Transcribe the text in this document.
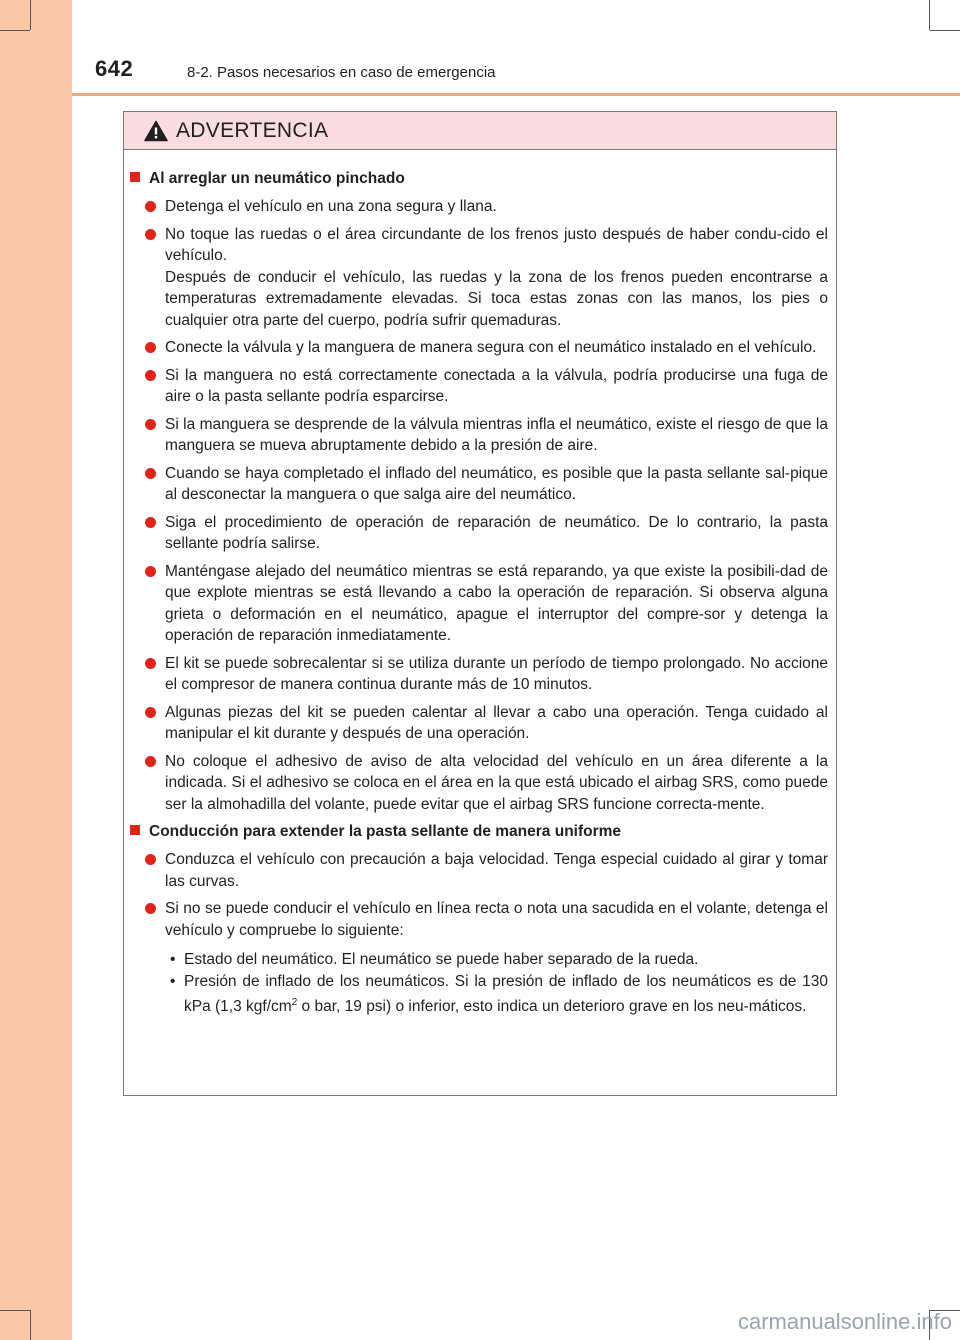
642	8-2. Pasos necesarios en caso de emergencia
ADVERTENCIA
Al arreglar un neumático pinchado
Detenga el vehículo en una zona segura y llana.
No toque las ruedas o el área circundante de los frenos justo después de haber condu-cido el vehículo.
Después de conducir el vehículo, las ruedas y la zona de los frenos pueden encontrarse a temperaturas extremadamente elevadas. Si toca estas zonas con las manos, los pies o cualquier otra parte del cuerpo, podría sufrir quemaduras.
Conecte la válvula y la manguera de manera segura con el neumático instalado en el vehículo.
Si la manguera no está correctamente conectada a la válvula, podría producirse una fuga de aire o la pasta sellante podría esparcirse.
Si la manguera se desprende de la válvula mientras infla el neumático, existe el riesgo de que la manguera se mueva abruptamente debido a la presión de aire.
Cuando se haya completado el inflado del neumático, es posible que la pasta sellante sal-pique al desconectar la manguera o que salga aire del neumático.
Siga el procedimiento de operación de reparación de neumático. De lo contrario, la pasta sellante podría salirse.
Manténgase alejado del neumático mientras se está reparando, ya que existe la posibili-dad de que explote mientras se está llevando a cabo la operación de reparación. Si observa alguna grieta o deformación en el neumático, apague el interruptor del compre-sor y detenga la operación de reparación inmediatamente.
El kit se puede sobrecalentar si se utiliza durante un período de tiempo prolongado. No accione el compresor de manera continua durante más de 10 minutos.
Algunas piezas del kit se pueden calentar al llevar a cabo una operación. Tenga cuidado al manipular el kit durante y después de una operación.
No coloque el adhesivo de aviso de alta velocidad del vehículo en un área diferente a la indicada. Si el adhesivo se coloca en el área en la que está ubicado el airbag SRS, como puede ser la almohadilla del volante, puede evitar que el airbag SRS funcione correcta-mente.
Conducción para extender la pasta sellante de manera uniforme
Conduzca el vehículo con precaución a baja velocidad. Tenga especial cuidado al girar y tomar las curvas.
Si no se puede conducir el vehículo en línea recta o nota una sacudida en el volante, detenga el vehículo y compruebe lo siguiente:
• Estado del neumático. El neumático se puede haber separado de la rueda.
• Presión de inflado de los neumáticos. Si la presión de inflado de los neumáticos es de 130 kPa (1,3 kgf/$cm^2$ o bar, 19 psi) o inferior, esto indica un deterioro grave en los neu-máticos.
carmanualsonline.info
